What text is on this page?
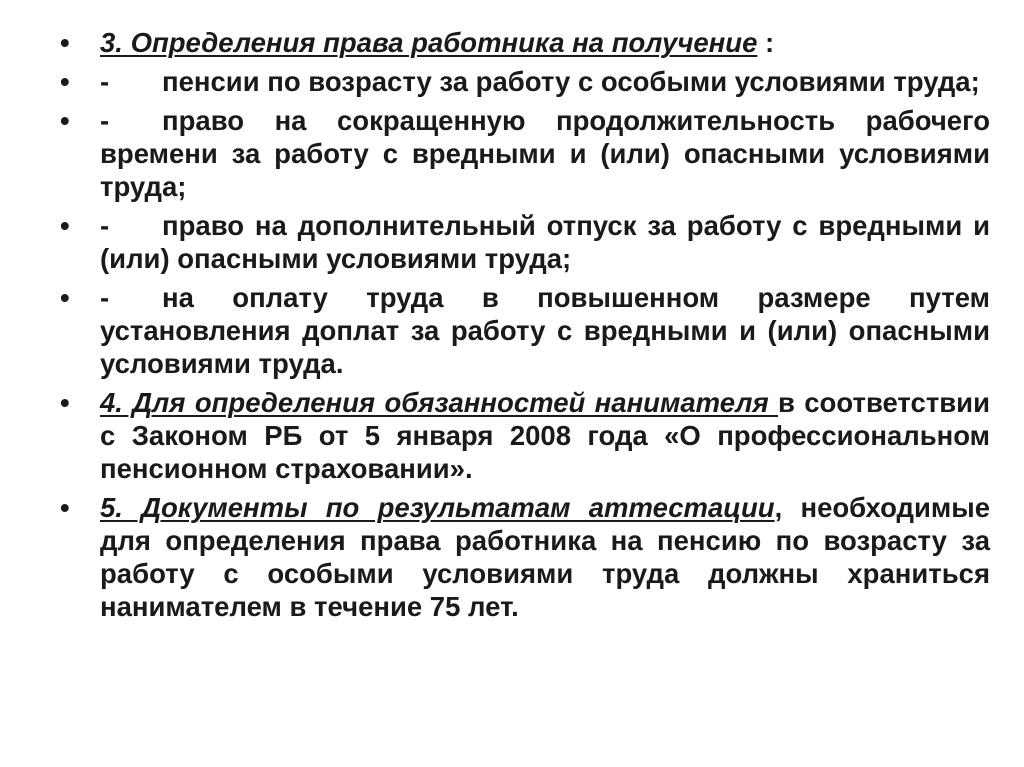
•	3. Определения права работника на получение :
•	- пенсии по возрасту за работу с особыми условиями труда;
•	- право на сокращенную продолжительность рабочего времени за работу с вредными и (или) опасными условиями труда;
•	- право на дополнительный отпуск за работу с вредными и (или) опасными условиями труда;
•	- на оплату труда в повышенном размере путем установления доплат за работу с вредными и (или) опасными условиями труда.
•	4. Для определения обязанностей нанимателя в соответствии с Законом РБ от 5 января 2008 года «О профессиональном пенсионном страховании».
•	5. Документы по результатам аттестации, необходимые для определения права работника на пенсию по возрасту за работу с особыми условиями труда должны храниться нанимателем в течение 75 лет.
